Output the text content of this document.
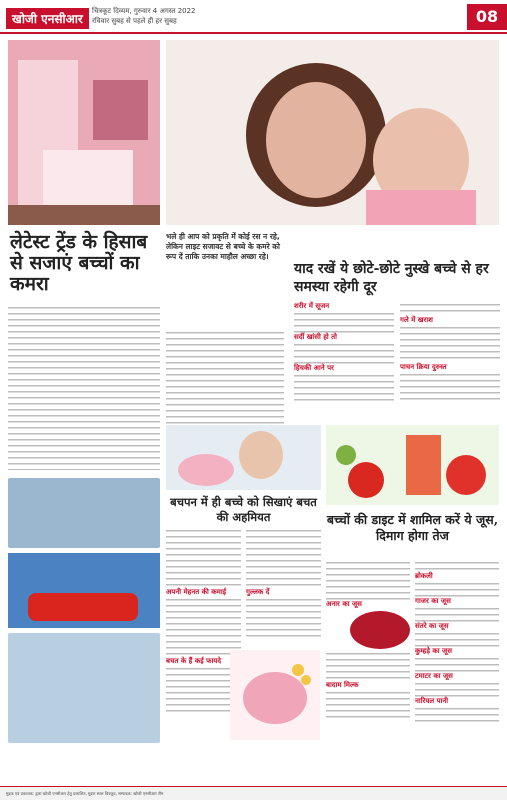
खोजी एनसीआर
चित्रकूट दिव्यम, गुरुवार 4 अगस्त 2022
रविवार सुबह से पहले ही हर सुबह	08
लेटेस्ट ट्रेंड के हिसाब से सजाएं बच्चों का कमरा
भले ही आप को प्रकृति में कोई रस न रहे, लेकिन लाइट सजावट से बच्चे के कमरे को रूप दें ताकि उनका माहौल अच्छा रहे।
याद रखें ये छोटे-छोटे नुस्खे बच्चे से हर समस्या रहेगी दूर
शरीर में सूजन
सर्दी खांसी हो तो
हिचकी आने पर
गले में खराश
पाचन क्रिया दुरुस्त
बचपन में ही बच्चे को सिखाएं बचत की अहमियत	बच्चों की डाइट में शामिल करें ये जूस, दिमाग होगा तेज
अपनी मेहनत की कमाई
बचत के हैं कई फायदे
गुल्लक दें
अनार का जूस
बादाम मिल्क
ब्रोकली
गाजर का जूस
संतरे का जूस
कुम्हड़े का जूस
टमाटर का जूस
नारियल पानी
मुद्रक एवं प्रकाशक: द्वारा खोजी एनसीआर हेतु प्रकाशित, मुद्रण स्थल चित्रकूट, सम्पादक: खोजी एनसीआर टीम
